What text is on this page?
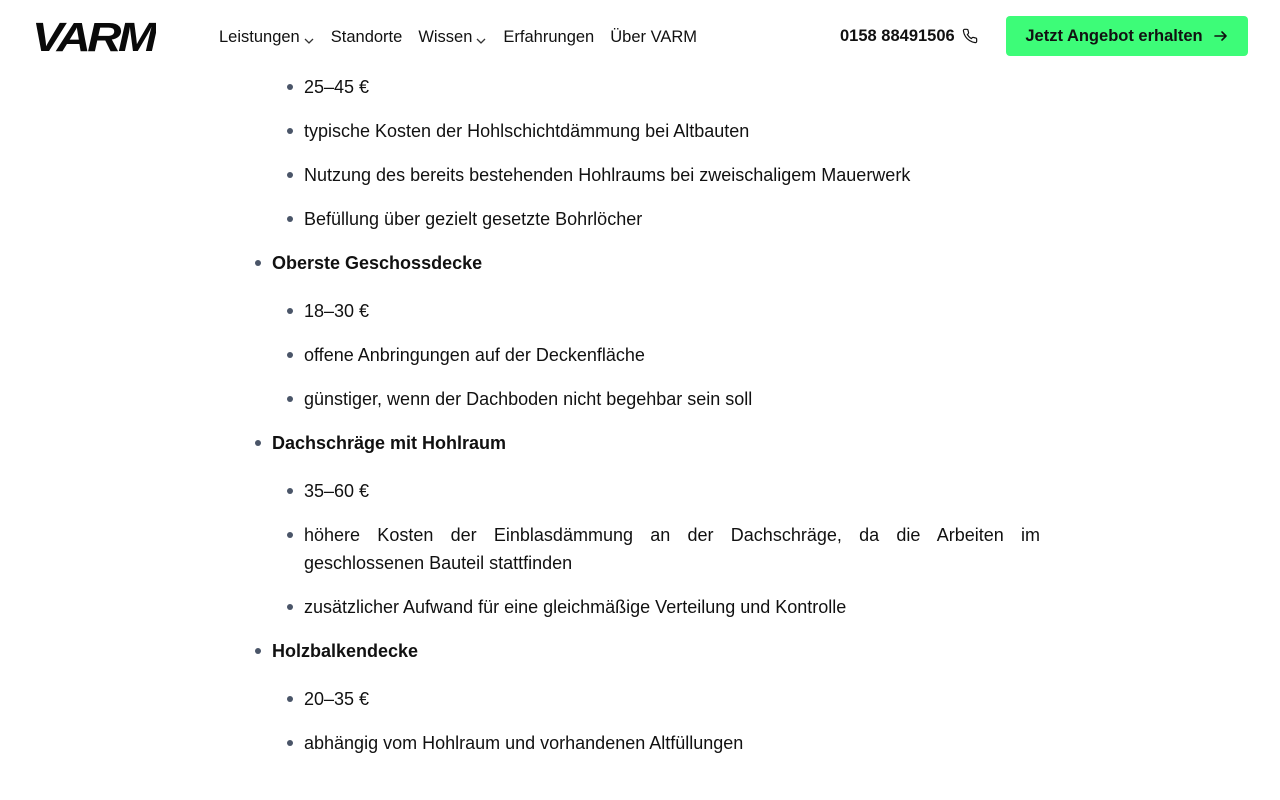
25–45 €
typische Kosten der Hohlschichtdämmung bei Altbauten
Nutzung des bereits bestehenden Hohlraums bei zweischaligem Mauerwerk
Befüllung über gezielt gesetzte Bohrlöcher
Oberste Geschossdecke
18–30 €
offene Anbringungen auf der Deckenfläche
günstiger, wenn der Dachboden nicht begehbar sein soll
Dachschräge mit Hohlraum
35–60 €
höhere Kosten der Einblasdämmung an der Dachschräge, da die Arbeiten im geschlossenen Bauteil stattfinden
zusätzlicher Aufwand für eine gleichmäßige Verteilung und Kontrolle
Holzbalkendecke
20–35 €
abhängig vom Hohlraum und vorhandenen Altfüllungen
VARM	Leistungen Standorte Wissen Erfahrungen Über VARM	0158 88491506	Jetzt Angebot erhalten
